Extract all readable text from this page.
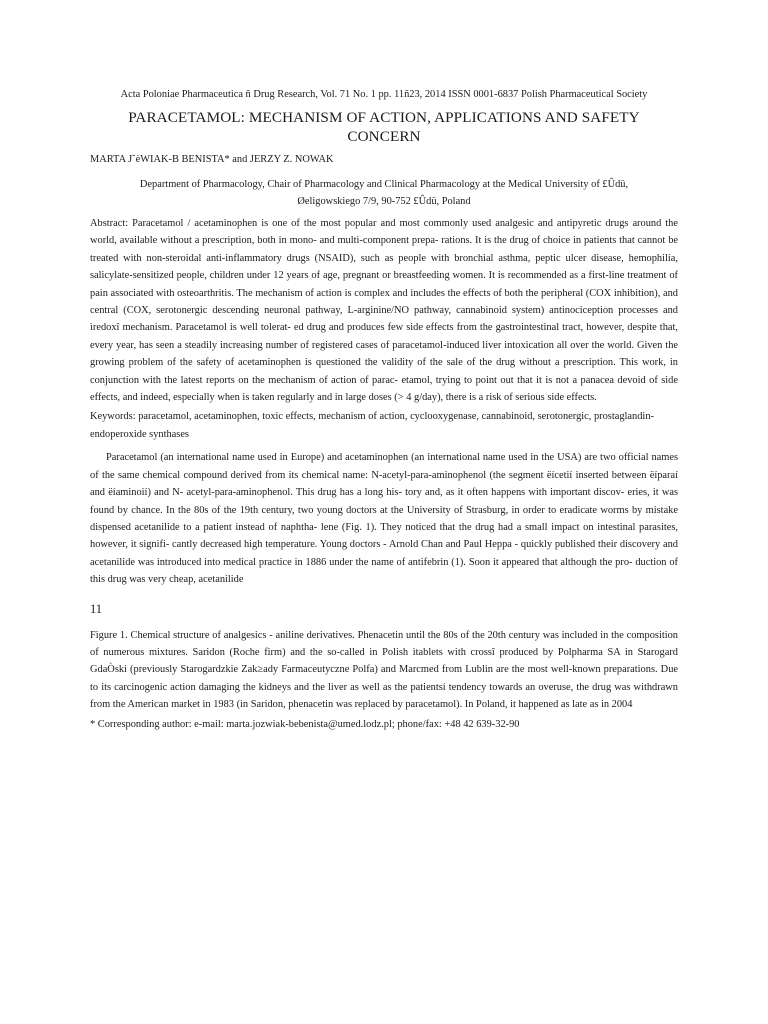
Acta Poloniae Pharmaceutica ñ Drug Research, Vol. 71 No. 1 pp. 11ñ23, 2014 ISSN 0001-6837 Polish Pharmaceutical Society

PARACETAMOL: MECHANISM OF ACTION, APPLICATIONS AND SAFETY CONCERN

MARTA J˘èWIAK-B BENISTA* and JERZY Z. NOWAK

Department of Pharmacology, Chair of Pharmacology and Clinical Pharmacology at the Medical University of £Ûdü,
Øeligowskiego 7/9, 90-752 £Ûdü, Poland

Abstract: Paracetamol / acetaminophen is one of the most popular and most commonly used analgesic and antipyretic drugs around the world, available without a prescription, both in mono- and multi-component prepa- rations. It is the drug of choice in patients that cannot be treated with non-steroidal anti-inflammatory drugs (NSAID), such as people with bronchial asthma, peptic ulcer disease, hemophilia, salicylate-sensitized people, children under 12 years of age, pregnant or breastfeeding women. It is recommended as a first-line treatment of pain associated with osteoarthritis. The mechanism of action is complex and includes the effects of both the peripheral (COX inhibition), and central (COX, serotonergic descending neuronal pathway, L-arginine/NO pathway, cannabinoid system) antinociception processes and ìredoxî mechanism. Paracetamol is well tolerat- ed drug and produces few side effects from the gastrointestinal tract, however, despite that, every year, has seen a steadily increasing number of registered cases of paracetamol-induced liver intoxication all over the world. Given the growing problem of the safety of acetaminophen is questioned the validity of the sale of the drug without a prescription. This work, in conjunction with the latest reports on the mechanism of action of parac- etamol, trying to point out that it is not a panacea devoid of side effects, and indeed, especially when is taken regularly and in large doses (> 4 g/day), there is a risk of serious side effects.

Keywords: paracetamol, acetaminophen, toxic effects, mechanism of action, cyclooxygenase, cannabinoid, serotonergic, prostaglandin-endoperoxide synthases

Paracetamol (an international name used in Europe) and acetaminophen (an international name used in the USA) are two official names of the same chemical compound derived from its chemical name: N-acetyl-para-aminophenol (the segment ëícetií inserted between ëíparaí and ëíaminoií) and N- acetyl-para-aminophenol. This drug has a long his- tory and, as it often happens with important discov- eries, it was found by chance. In the 80s of the 19th century, two young doctors at the University of Strasburg, in order to eradicate worms by mistake dispensed acetanilide to a patient instead of naphtha- lene (Fig. 1). They noticed that the drug had a small impact on intestinal parasites, however, it signifi- cantly decreased high temperature. Young doctors - Arnold Chan and Paul Heppa - quickly published their discovery and acetanilide was introduced into medical practice in 1886 under the name of antifebrin (1). Soon it appeared that although the pro- duction of this drug was very cheap, acetanilide

11

Figure 1. Chemical structure of analgesics - aniline derivatives. Phenacetin until the 80s of the 20th century was included in the composition of numerous mixtures. Saridon (Roche firm) and the so-called in Polish ìtablets with crossî produced by Polpharma SA in Starogard GdaÒski (previously Starogardzkie Zak≥ady Farmaceutyczne Polfa) and Marcmed from Lublin are the most well-known preparations. Due to its carcinogenic action damaging the kidneys and the liver as well as the patientsí tendency towards an overuse, the drug was withdrawn from the American market in 1983 (in Saridon, phenacetin was replaced by paracetamol). In Poland, it happened as late as in 2004

* Corresponding author: e-mail: marta.jozwiak-bebenista@umed.lodz.pl; phone/fax: +48 42 639-32-90
